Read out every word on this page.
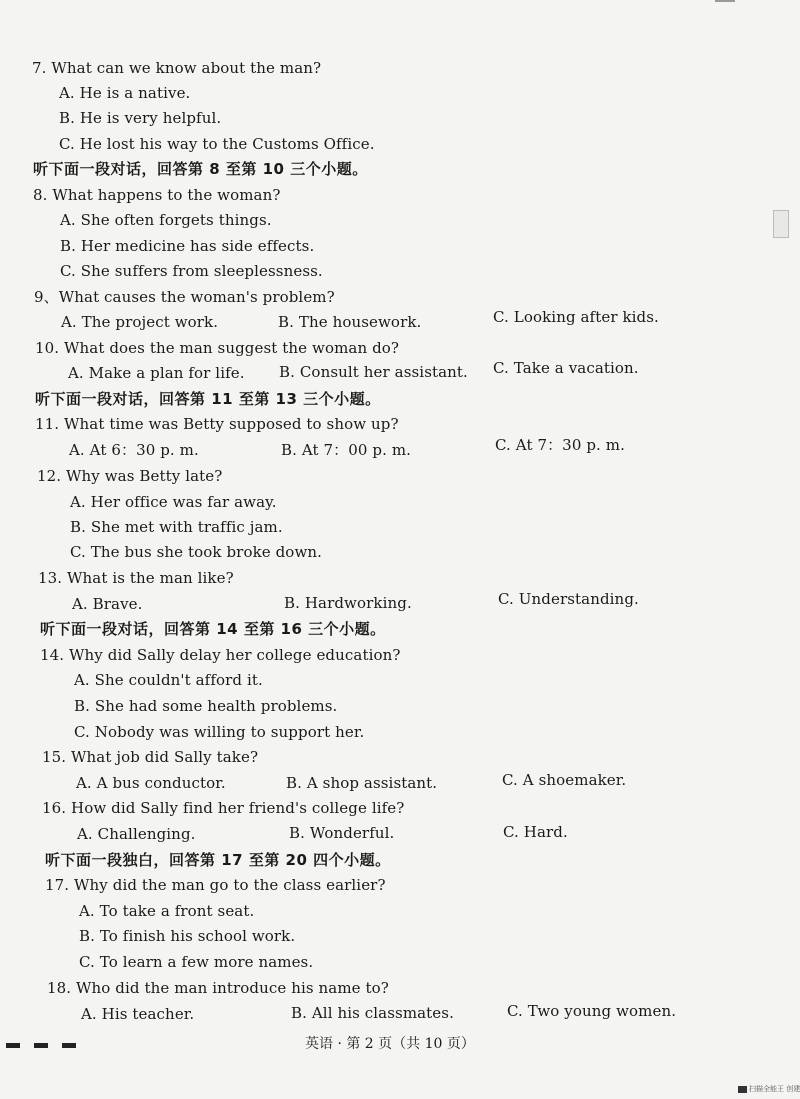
7. What can we know about the man?
A. He is a native.
B. He is very helpful.
C. He lost his way to the Customs Office.
听下面一段对话，回答第 8 至第 10 三个小题。
8. What happens to the woman?
A. She often forgets things.
B. Her medicine has side effects.
C. She suffers from sleeplessness.
9、What causes the woman's problem?
A. The project work.	B. The housework.	C. Looking after kids.
10. What does the man suggest the woman do?
A. Make a plan for life. B. Consult her assistant. C. Take a vacation.
听下面一段对话，回答第 11 至第 13 三个小题。
11. What time was Betty supposed to show up?
A. At 6：30 p. m.	B. At 7：00 p. m.	C. At 7：30 p. m.
12. Why was Betty late?
A. Her office was far away.
B. She met with traffic jam.
C. The bus she took broke down.
13. What is the man like?
A. Brave.	B. Hardworking.	C. Understanding.
听下面一段对话，回答第 14 至第 16 三个小题。
14. Why did Sally delay her college education?
A. She couldn't afford it.
B. She had some health problems.
C. Nobody was willing to support her.
15. What job did Sally take?
A. A bus conductor.	B. A shop assistant.	C. A shoemaker.
16. How did Sally find her friend's college life?
A. Challenging.	B. Wonderful.	C. Hard.
听下面一段独白，回答第 17 至第 20 四个小题。
17. Why did the man go to the class earlier?
A. To take a front seat.
B. To finish his school work.
C. To learn a few more names.
18. Who did the man introduce his name to?
A. His teacher.	B. All his classmates.	C. Two young women.
英语 · 第 2 页（共 10 页）
扫描全能王 创建
